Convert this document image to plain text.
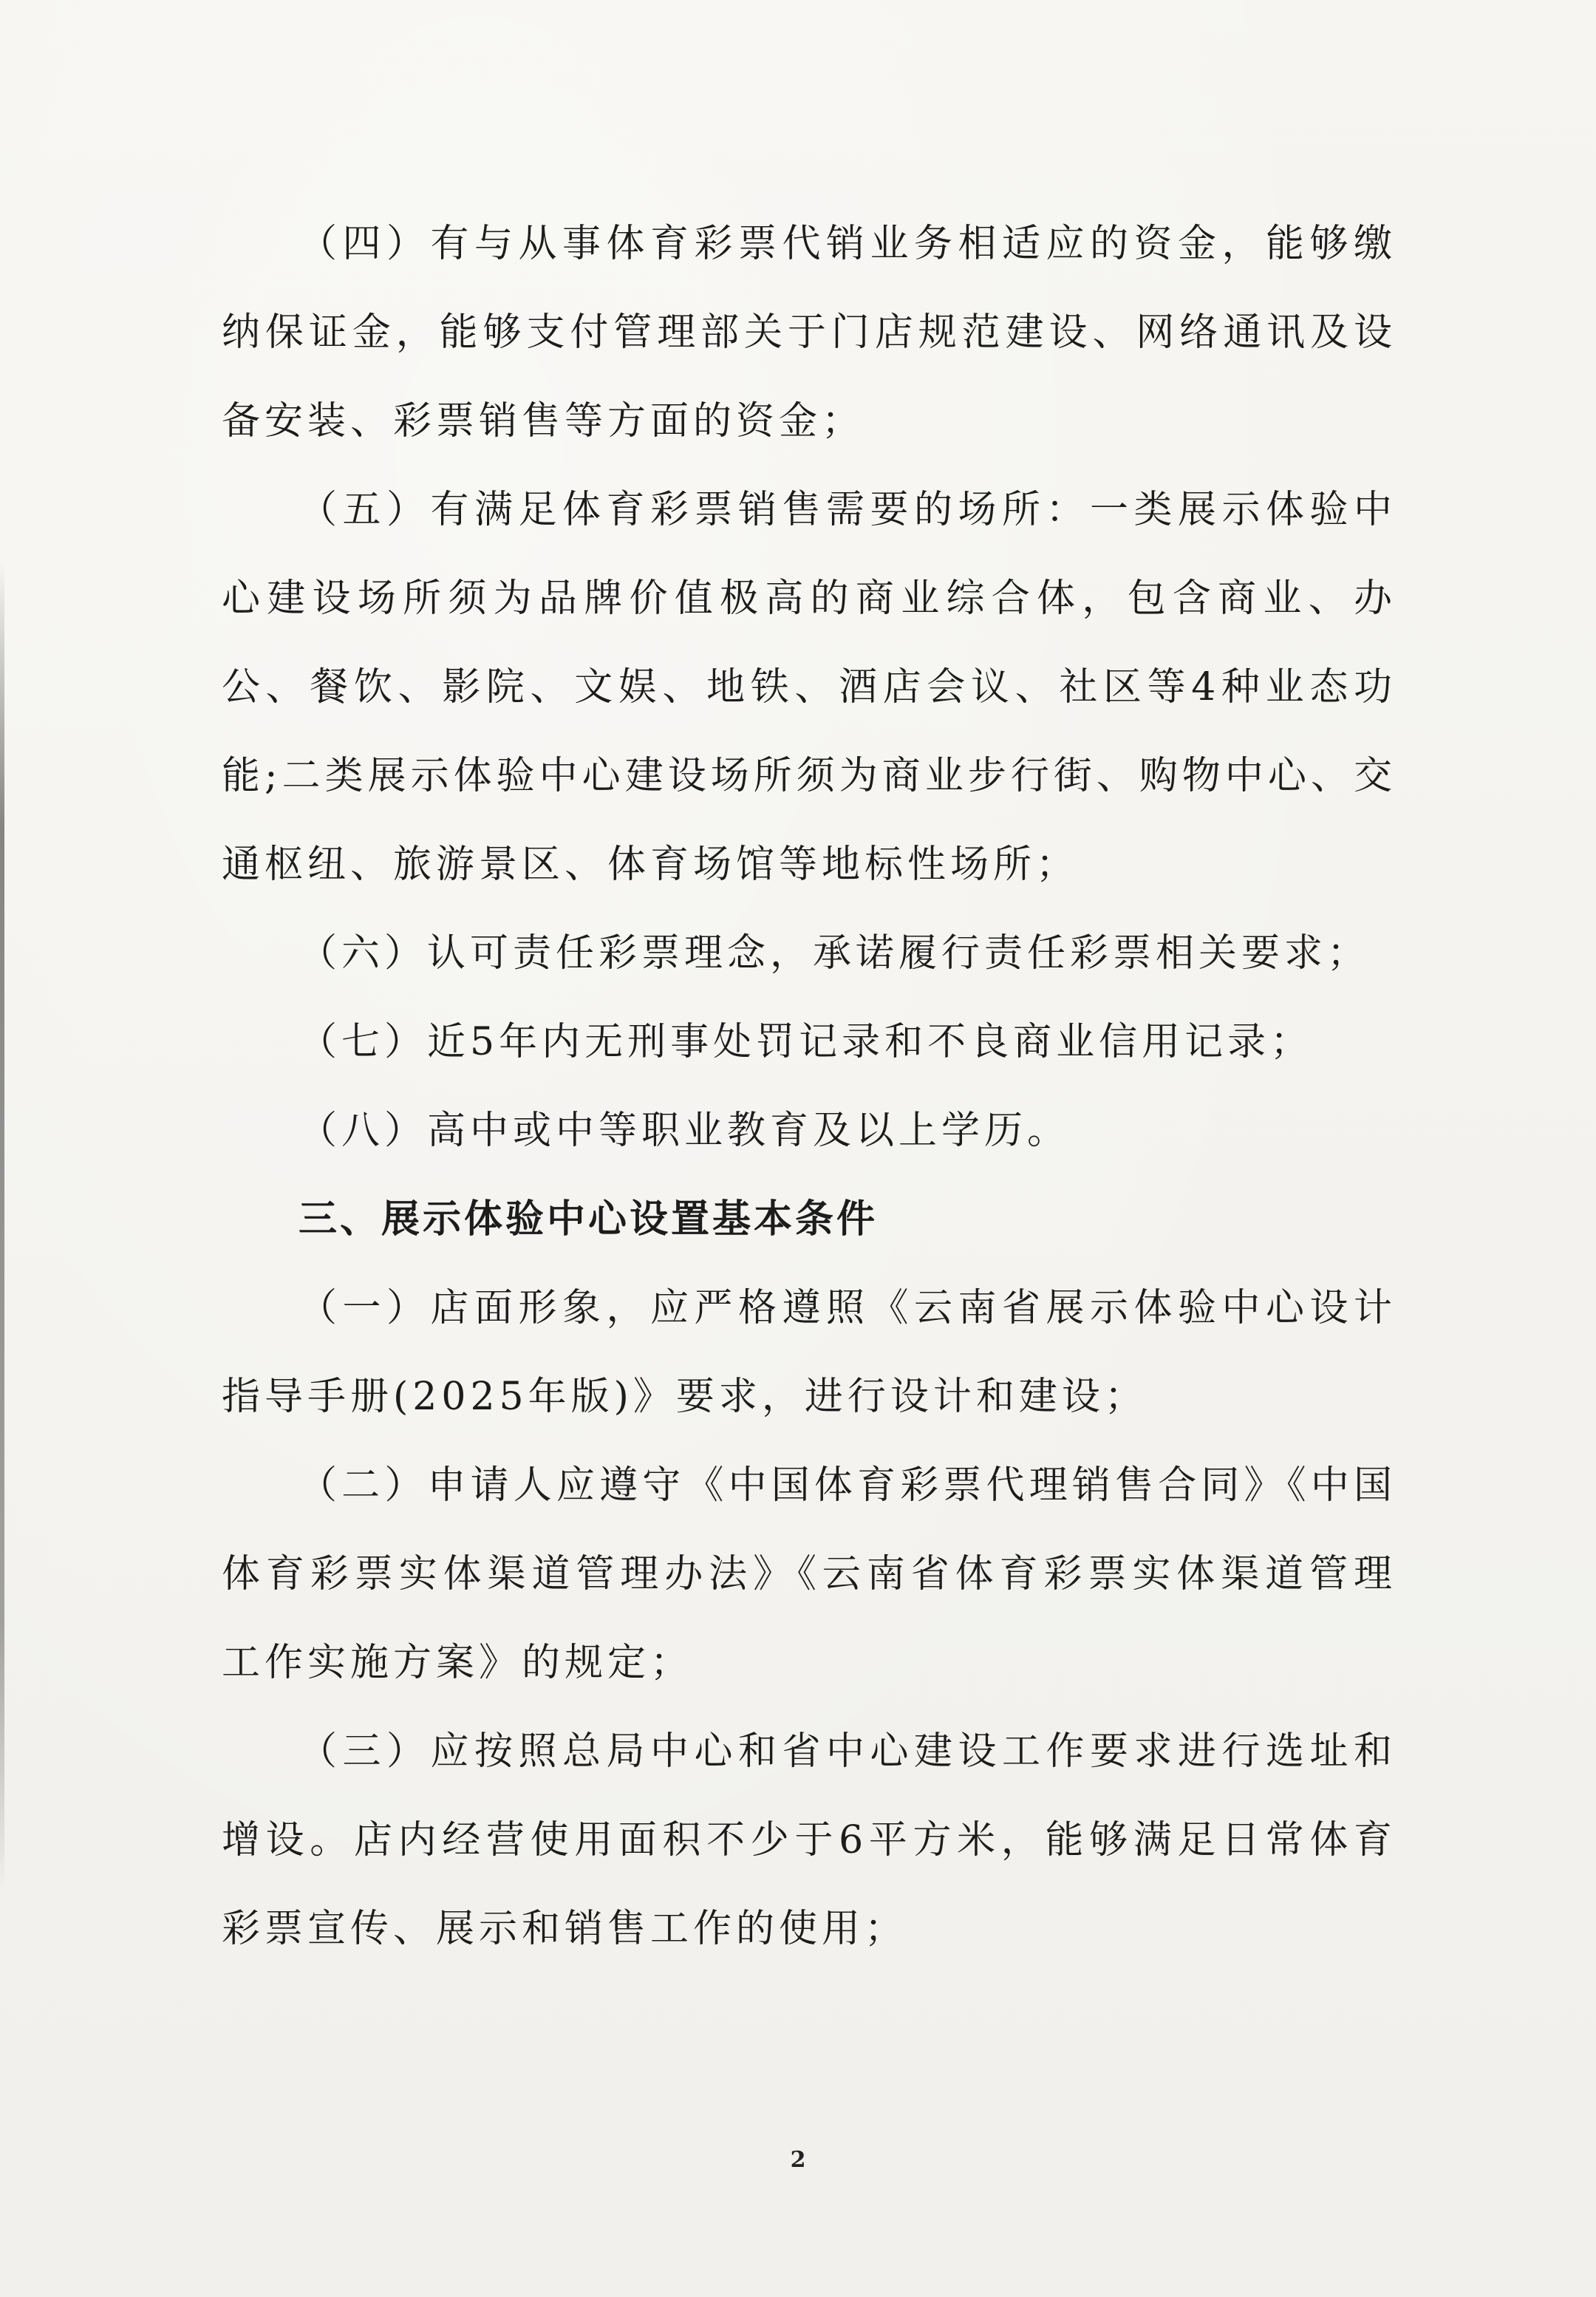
（四）有与从事体育彩票代销业务相适应的资金，能够缴纳保证金，能够支付管理部关于门店规范建设、网络通讯及设备安装、彩票销售等方面的资金；

（五）有满足体育彩票销售需要的场所：一类展示体验中心建设场所须为品牌价值极高的商业综合体，包含商业、办公、餐饮、影院、文娱、地铁、酒店会议、社区等4种业态功能;二类展示体验中心建设场所须为商业步行街、购物中心、交通枢纽、旅游景区、体育场馆等地标性场所；

（六）认可责任彩票理念，承诺履行责任彩票相关要求；

（七）近5年内无刑事处罚记录和不良商业信用记录；

（八）高中或中等职业教育及以上学历。

三、展示体验中心设置基本条件

（一）店面形象，应严格遵照《云南省展示体验中心设计指导手册(2025年版)》要求，进行设计和建设；

（二）申请人应遵守《中国体育彩票代理销售合同》《中国体育彩票实体渠道管理办法》《云南省体育彩票实体渠道管理工作实施方案》的规定；

（三）应按照总局中心和省中心建设工作要求进行选址和增设。店内经营使用面积不少于6平方米，能够满足日常体育彩票宣传、展示和销售工作的使用；

2
